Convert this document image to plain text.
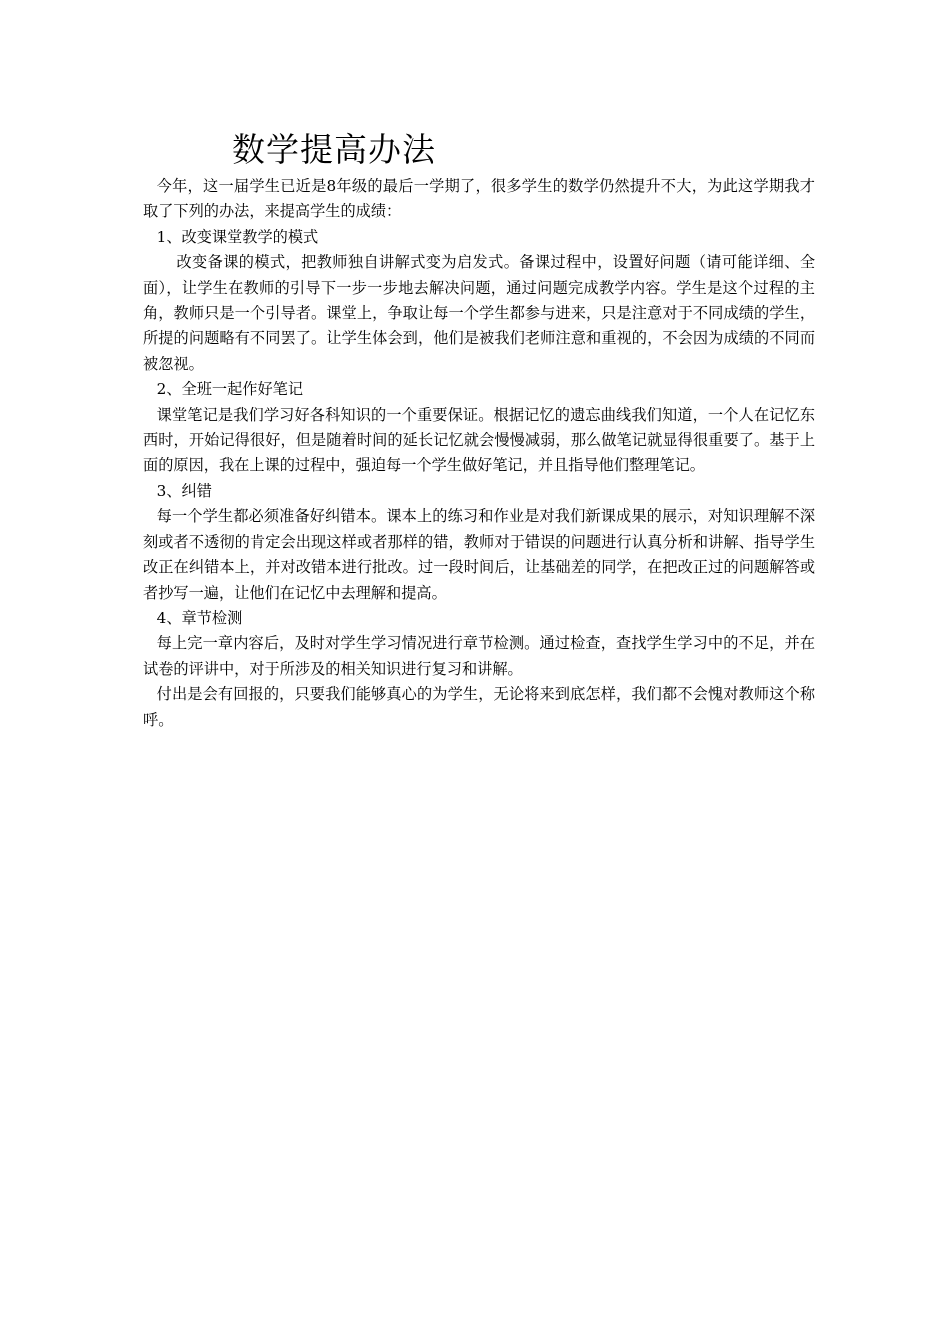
数学提高办法

今年，这一届学生已近是8年级的最后一学期了，很多学生的数学仍然提升不大，为此这学期我才取了下列的办法，来提高学生的成绩：

1、改变课堂教学的模式

改变备课的模式，把教师独自讲解式变为启发式。备课过程中，设置好问题（请可能详细、全面），让学生在教师的引导下一步一步地去解决问题，通过问题完成教学内容。学生是这个过程的主角，教师只是一个引导者。课堂上，争取让每一个学生都参与进来，只是注意对于不同成绩的学生，所提的问题略有不同罢了。让学生体会到，他们是被我们老师注意和重视的，不会因为成绩的不同而被忽视。

2、全班一起作好笔记

课堂笔记是我们学习好各科知识的一个重要保证。根据记忆的遗忘曲线我们知道，一个人在记忆东西时，开始记得很好，但是随着时间的延长记忆就会慢慢减弱，那么做笔记就显得很重要了。基于上面的原因，我在上课的过程中，强迫每一个学生做好笔记，并且指导他们整理笔记。

3、纠错

每一个学生都必须准备好纠错本。课本上的练习和作业是对我们新课成果的展示，对知识理解不深刻或者不透彻的肯定会出现这样或者那样的错，教师对于错误的问题进行认真分析和讲解、指导学生改正在纠错本上，并对改错本进行批改。过一段时间后，让基础差的同学，在把改正过的问题解答或者抄写一遍，让他们在记忆中去理解和提高。

4、章节检测

每上完一章内容后，及时对学生学习情况进行章节检测。通过检查，查找学生学习中的不足，并在试卷的评讲中，对于所涉及的相关知识进行复习和讲解。

付出是会有回报的，只要我们能够真心的为学生，无论将来到底怎样，我们都不会愧对教师这个称呼。
